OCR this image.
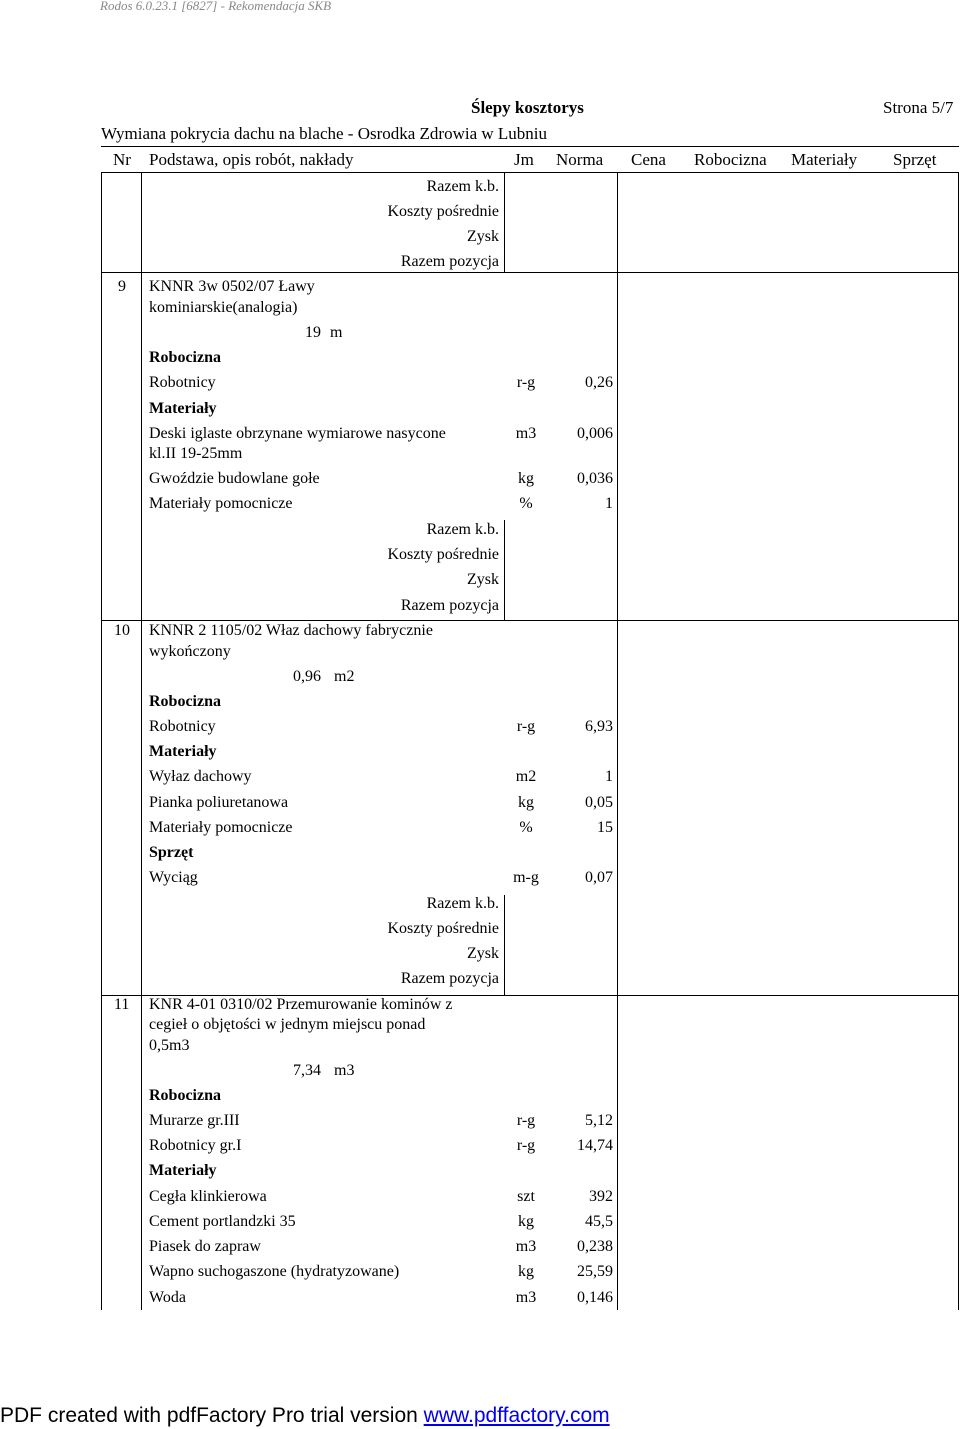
Rodos 6.0.23.1 [6827] - Rekomendacja SKB
Ślepy kosztorys	Strona 5/7
Wymiana pokrycia dachu na blache - Osrodka Zdrowia w Lubniu
Nr Podstawa, opis robót, nakłady	Jm Norma Cena Robocizna Materiały Sprzęt
Razem k.b.
Koszty pośrednie
Zysk
Razem pozycja
9 KNNR 3w 0502/07 Ławy
kominiarskie(analogia)
19 m
Robocizna
Robotnicy	r-g	0,26
Materiały
Deski iglaste obrzynane wymiarowe nasycone
kl.II 19-25mm
m3	0,006
Gwoździe budowlane gołe	kg	0,036
Materiały pomocnicze	%	1
Razem k.b.
Koszty pośrednie
Zysk
Razem pozycja
10 KNNR 2 1105/02 Właz dachowy fabrycznie
wykończony
0,96 m2
Robocizna
Robotnicy	r-g	6,93
Materiały
Wyłaz dachowy	m2	1
Pianka poliuretanowa	kg	0,05
Materiały pomocnicze	%	15
Sprzęt
Wyciąg	m-g	0,07
Razem k.b.
Koszty pośrednie
Zysk
Razem pozycja
11 KNR 4-01 0310/02 Przemurowanie kominów z
cegieł o objętości w jednym miejscu ponad
0,5m3
7,34 m3
Robocizna
Murarze gr.III	r-g	5,12
Robotnicy gr.I	r-g	14,74
Materiały
Cegła klinkierowa	szt	392
Cement portlandzki 35	kg	45,5
Piasek do zapraw	m3	0,238
Wapno suchogaszone (hydratyzowane)	kg	25,59
Woda	m3	0,146
PDF created with pdfFactory Pro trial version www.pdffactory.com
